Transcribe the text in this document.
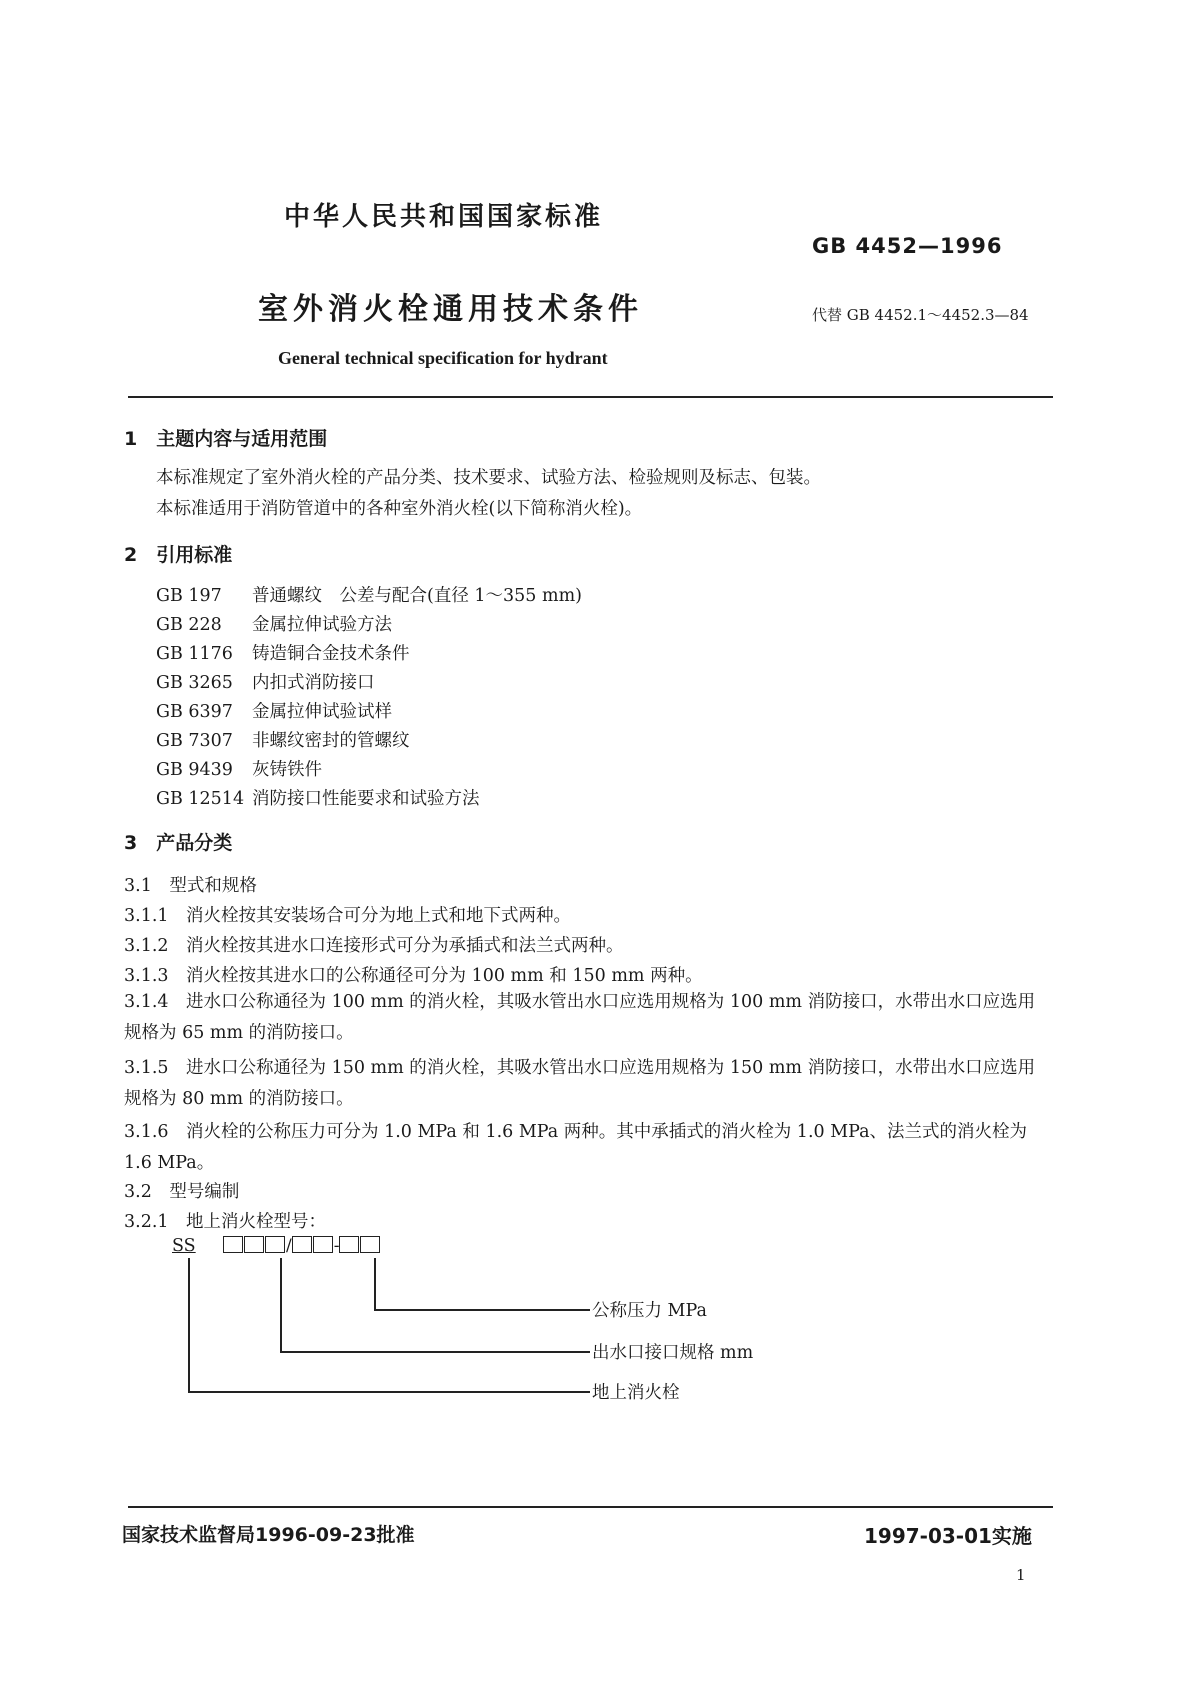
中华人民共和国国家标准
GB 4452—1996
室外消火栓通用技术条件	代替 GB 4452.1～4452.3—84
General technical specification for hydrant
1　主题内容与适用范围
本标准规定了室外消火栓的产品分类、技术要求、试验方法、检验规则及标志、包装。
本标准适用于消防管道中的各种室外消火栓(以下简称消火栓)。
2　引用标准
GB 197 普通螺纹　公差与配合(直径 1～355 mm)
GB 228 金属拉伸试验方法
GB 1176 铸造铜合金技术条件
GB 3265 内扣式消防接口
GB 6397 金属拉伸试验试样
GB 7307 非螺纹密封的管螺纹
GB 9439 灰铸铁件
GB 12514 消防接口性能要求和试验方法
3　产品分类
3.1　型式和规格
3.1.1　消火栓按其安装场合可分为地上式和地下式两种。
3.1.2　消火栓按其进水口连接形式可分为承插式和法兰式两种。
3.1.3　消火栓按其进水口的公称通径可分为 100 mm 和 150 mm 两种。
3.1.4　进水口公称通径为 100 mm 的消火栓，其吸水管出水口应选用规格为 100 mm 消防接口，水带出水口应选用规格为 65 mm 的消防接口。
3.1.5　进水口公称通径为 150 mm 的消火栓，其吸水管出水口应选用规格为 150 mm 消防接口，水带出水口应选用规格为 80 mm 的消防接口。
3.1.6　消火栓的公称压力可分为 1.0 MPa 和 1.6 MPa 两种。其中承插式的消火栓为 1.0 MPa、法兰式的消火栓为 1.6 MPa。
3.2　型号编制
3.2.1　地上消火栓型号：
SS	/ -
公称压力 MPa
出水口接口规格 mm
地上消火栓
国家技术监督局1996-09-23批准	1997-03-01实施
1
